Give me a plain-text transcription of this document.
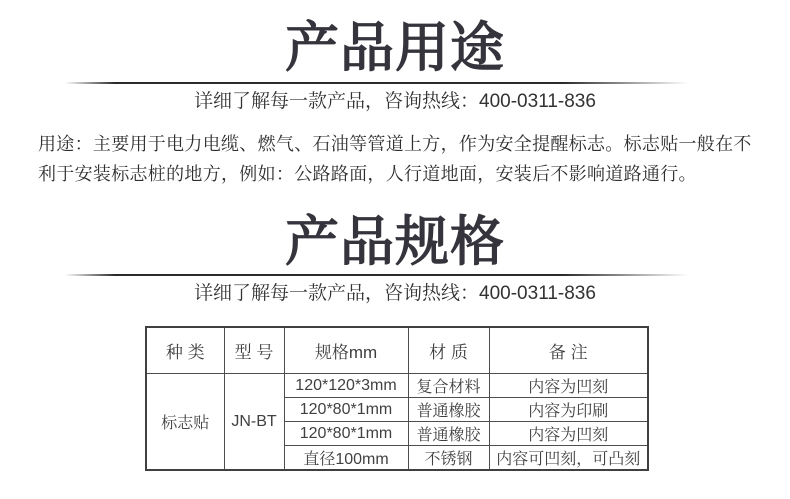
产品用途
详细了解每一款产品，咨询热线：400-0311-836
用途：主要用于电力电缆、燃气、石油等管道上方，作为安全提醒标志。标志贴一般在不
利于安装标志桩的地方，例如：公路路面，人行道地面，安装后不影响道路通行。
产品规格
详细了解每一款产品，咨询热线：400-0311-836
种 类	型 号	规格mm	材 质	备 注
标志贴	JN-BT	120*120*3mm	复合材料	内容为凹刻
		120*80*1mm	普通橡胶	内容为印刷
		120*80*1mm	普通橡胶	内容为凹刻
		直径100mm	不锈钢	内容可凹刻，可凸刻
